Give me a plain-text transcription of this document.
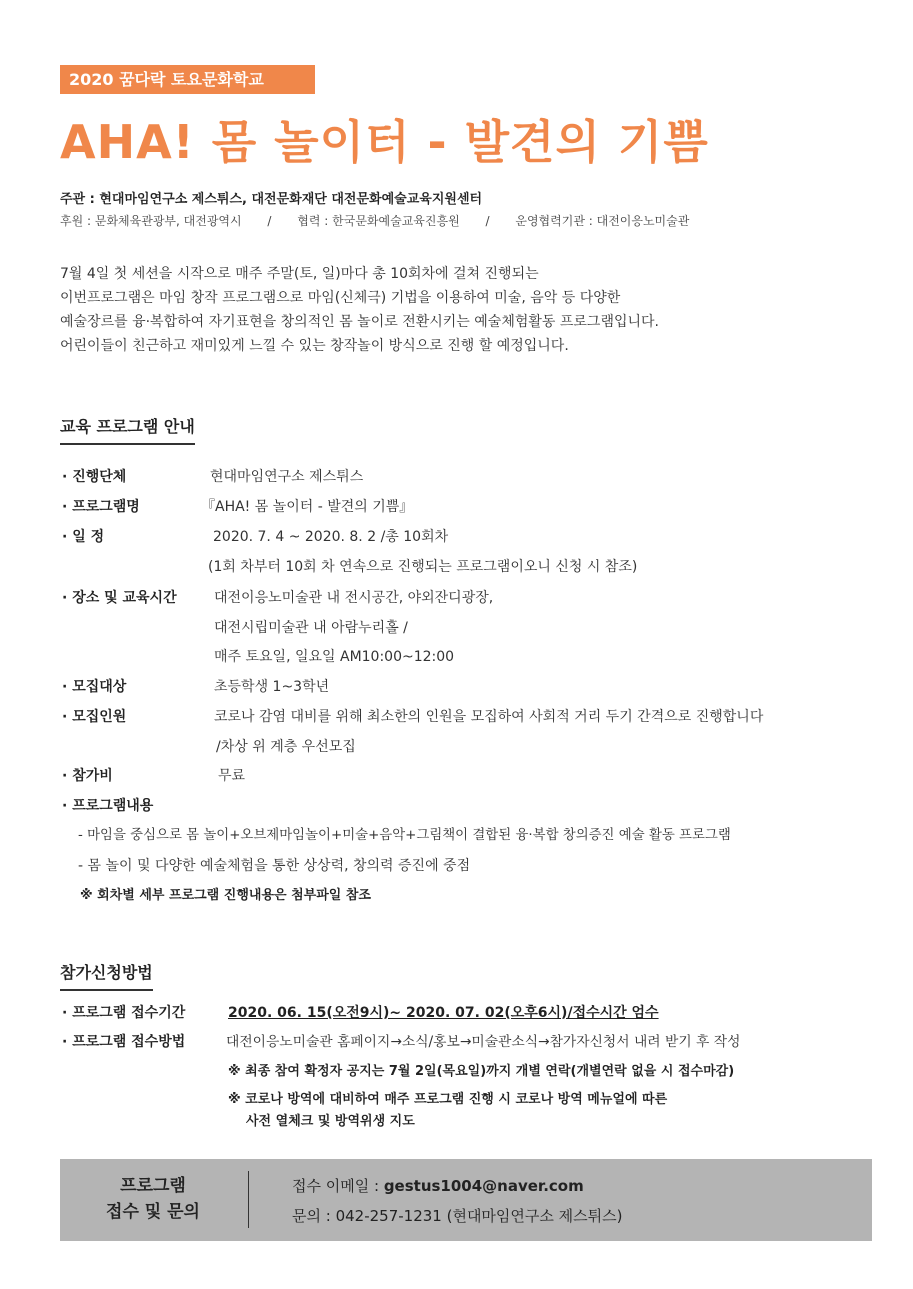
2020 꿈다락 토요문화학교
AHA! 몸 놀이터 - 발견의 기쁨
주관 : 현대마임연구소 제스튀스, 대전문화재단 대전문화예술교육지원센터
후원 : 문화체육관광부, 대전광역시 / 협력 : 한국문화예술교육진흥원 / 운영협력기관 : 대전이응노미술관
7월 4일 첫 세션을 시작으로 매주 주말(토, 일)마다 총 10회차에 걸쳐 진행되는
이번프로그램은 마임 창작 프로그램으로 마임(신체극) 기법을 이용하여 미술, 음악 등 다양한
예술장르를 융·복합하여 자기표현을 창의적인 몸 놀이로 전환시키는 예술체험활동 프로그램입니다.
어린이들이 친근하고 재미있게 느낄 수 있는 창작놀이 방식으로 진행 할 예정입니다.
교육 프로그램 안내
· 진행단체	현대마임연구소 제스튀스
· 프로그램명	『AHA! 몸 놀이터 - 발견의 기쁨』
· 일 정	2020. 7. 4 ~ 2020. 8. 2 /총 10회차
(1회 차부터 10회 차 연속으로 진행되는 프로그램이오니 신청 시 참조)
· 장소 및 교육시간	대전이응노미술관 내 전시공간, 야외잔디광장,
대전시립미술관 내 아람누리홀 /
매주 토요일, 일요일 AM10:00~12:00
· 모집대상	초등학생 1~3학년
· 모집인원	코로나 감염 대비를 위해 최소한의 인원을 모집하여 사회적 거리 두기 간격으로 진행합니다
/차상 위 계층 우선모집
· 참가비	무료
· 프로그램내용
- 마임을 중심으로 몸 놀이+오브제마임놀이+미술+음악+그림책이 결합된 융·복합 창의증진 예술 활동 프로그램
- 몸 놀이 및 다양한 예술체험을 통한 상상력, 창의력 증진에 중점
※ 회차별 세부 프로그램 진행내용은 첨부파일 참조
참가신청방법
· 프로그램 접수기간	2020. 06. 15(오전9시)~ 2020. 07. 02(오후6시)/접수시간 엄수
· 프로그램 접수방법	대전이응노미술관 홈페이지→소식/홍보→미술관소식→참가자신청서 내려 받기 후 작성
※ 최종 참여 확정자 공지는 7월 2일(목요일)까지 개별 연락(개별연락 없을 시 접수마감)
※ 코로나 방역에 대비하여 매주 프로그램 진행 시 코로나 방역 메뉴얼에 따른
사전 열체크 및 방역위생 지도
프로그램
접수 및 문의
접수 이메일 : gestus1004@naver.com
문의 : 042-257-1231 (현대마임연구소 제스튀스)
